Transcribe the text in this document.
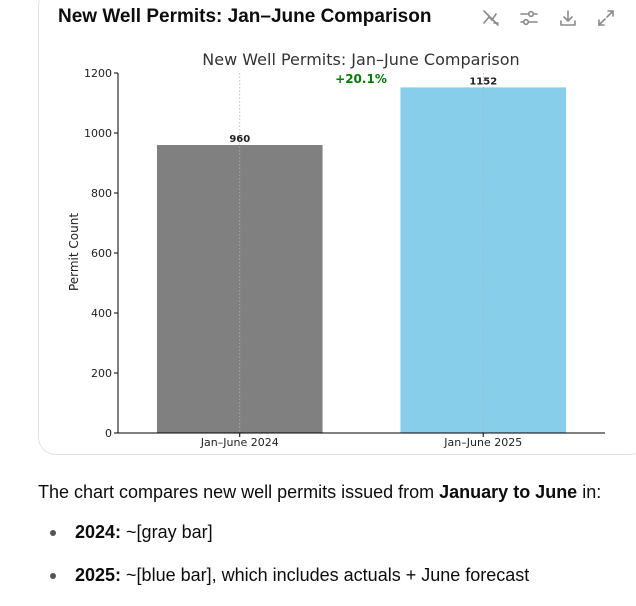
New Well Permits: Jan–June Comparison
New Well Permits: Jan–June Comparison
Permit Count
+20.1%
960
1152
0
200
400
600
800
1000
1200
Jan–June 2024	Jan–June 2025
The chart compares new well permits issued from January to June in:
2024: ~[gray bar]
2025: ~[blue bar], which includes actuals + June forecast
